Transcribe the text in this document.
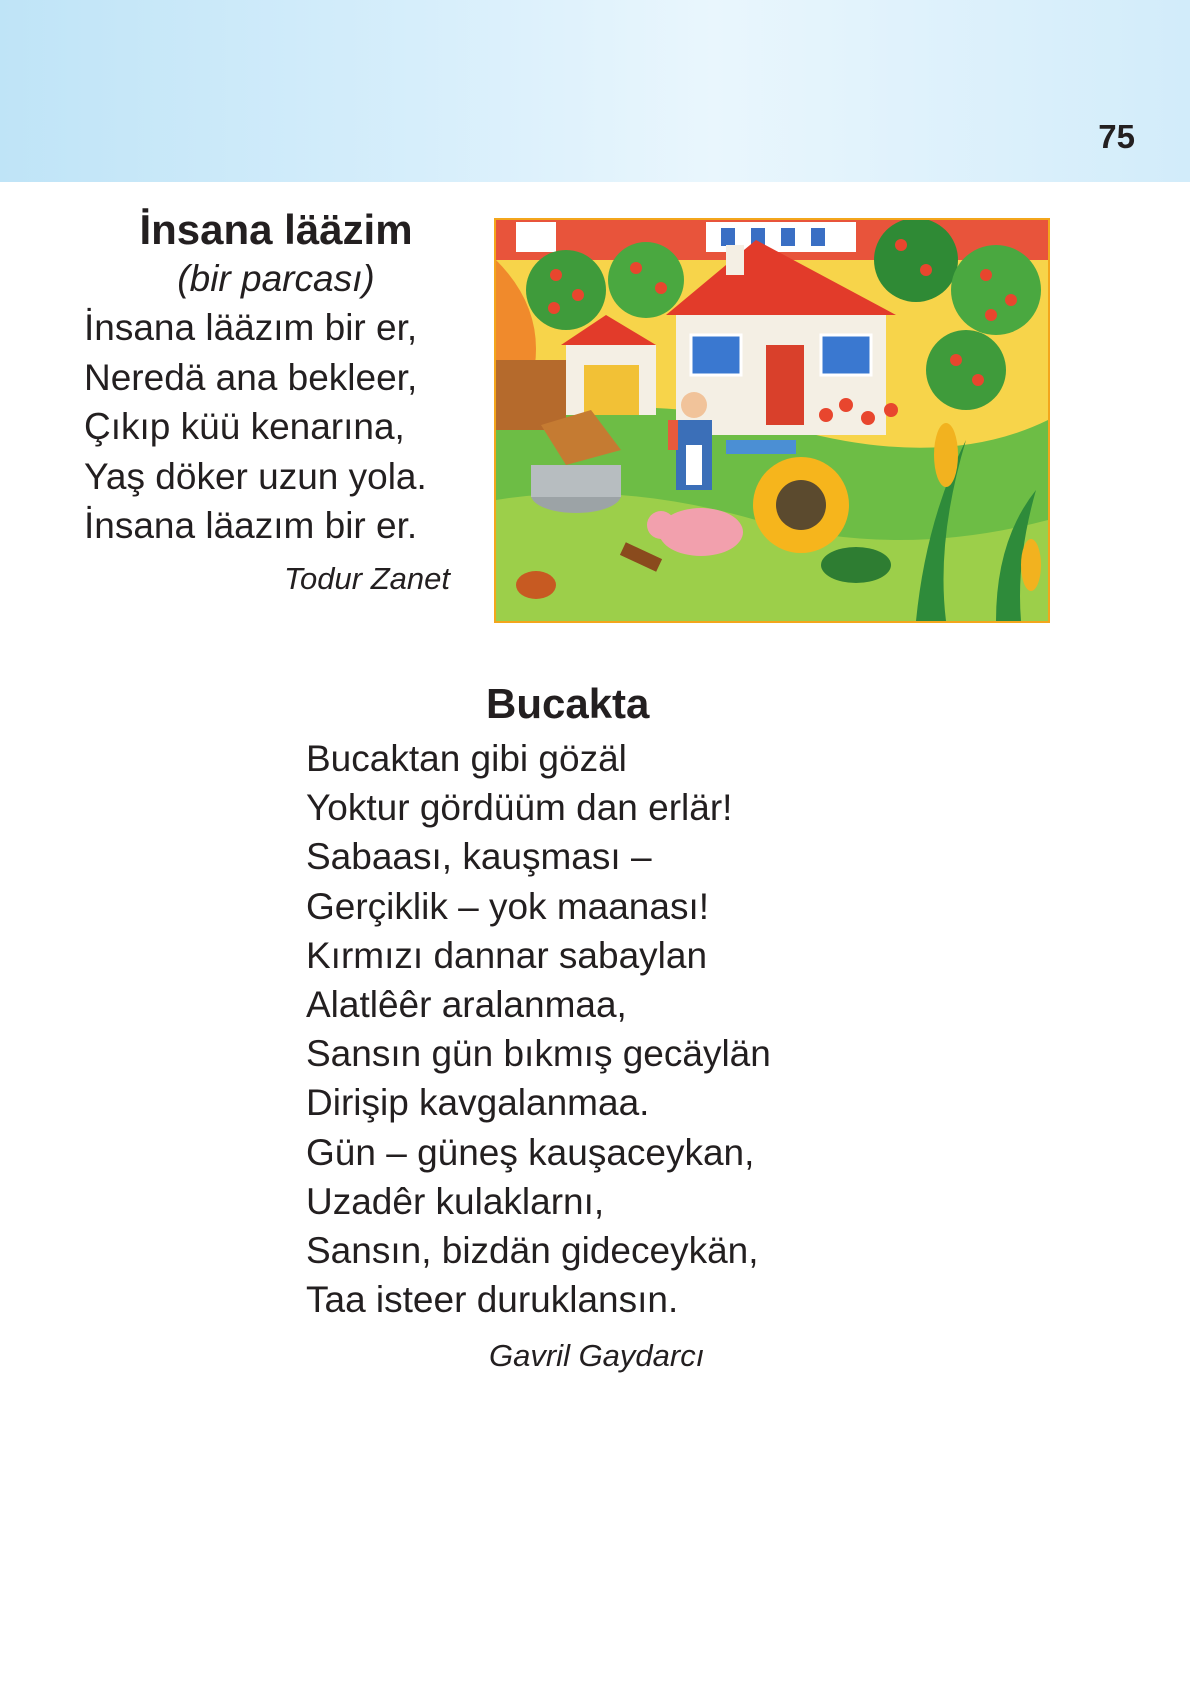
75
İnsana lääzim
(bir parcası)
İnsana lääzım bir er,
Neredä ana bekleer,
Çıkıp küü kenarına,
Yaş döker uzun yola.
İnsana läazım bir er.
Todur Zanet
Bucakta
Bucaktan gibi gözäl
Yoktur gördüüm dan erlär!
Sabaası, kauşması –
Gerçiklik – yok maanası!
Kırmızı dannar sabaylan
Alatlêêr aralanmaa,
Sansın gün bıkmış gecäylän
Dirişip kavgalanmaa.
Gün – güneş kauşaceykan,
Uzadêr kulaklarnı,
Sansın, bizdän gideceykän,
Taa isteer duruklansın.
Gavril Gaydarcı
